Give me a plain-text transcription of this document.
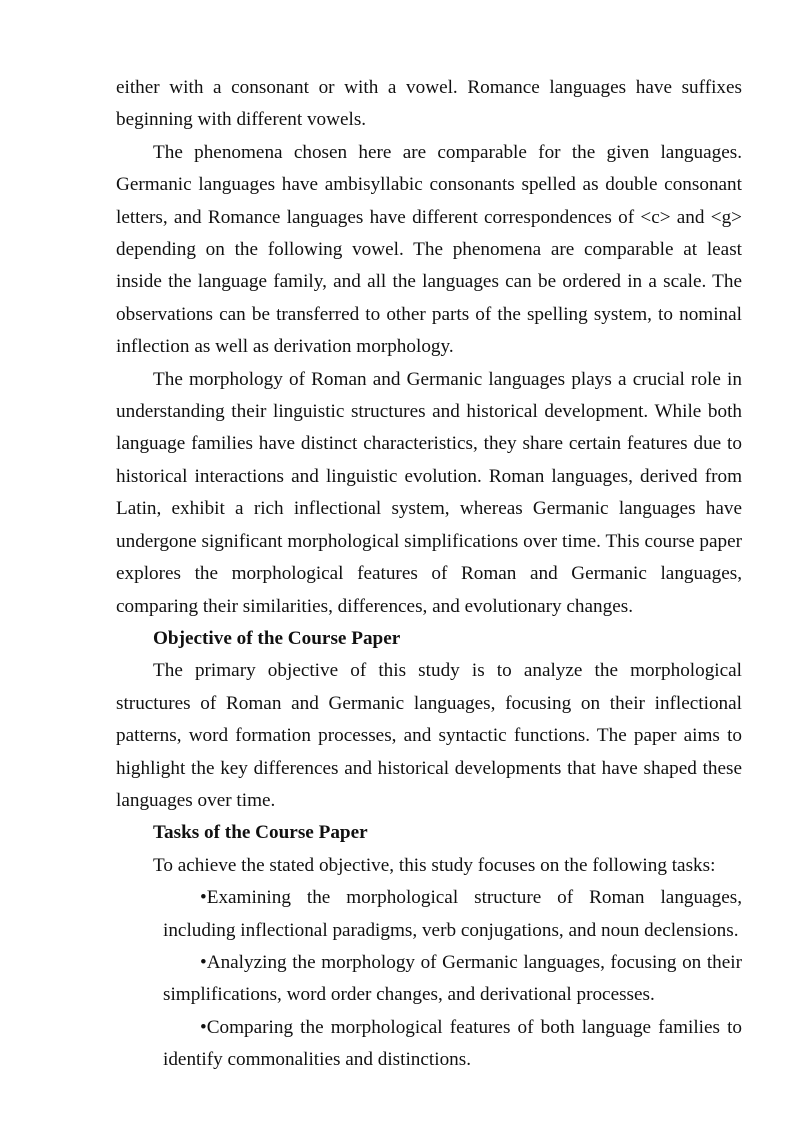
either with a consonant or with a vowel. Romance languages have suffixes beginning with different vowels.

The phenomena chosen here are comparable for the given languages. Germanic languages have ambisyllabic consonants spelled as double consonant letters, and Romance languages have different correspondences of <c> and <g> depending on the following vowel. The phenomena are comparable at least inside the language family, and all the languages can be ordered in a scale. The observations can be transferred to other parts of the spelling system, to nominal inflection as well as derivation morphology.

The morphology of Roman and Germanic languages plays a crucial role in understanding their linguistic structures and historical development. While both language families have distinct characteristics, they share certain features due to historical interactions and linguistic evolution. Roman languages, derived from Latin, exhibit a rich inflectional system, whereas Germanic languages have undergone significant morphological simplifications over time. This course paper explores the morphological features of Roman and Germanic languages, comparing their similarities, differences, and evolutionary changes.

Objective of the Course Paper

The primary objective of this study is to analyze the morphological structures of Roman and Germanic languages, focusing on their inflectional patterns, word formation processes, and syntactic functions. The paper aims to highlight the key differences and historical developments that have shaped these languages over time.

Tasks of the Course Paper

To achieve the stated objective, this study focuses on the following tasks:

•Examining the morphological structure of Roman languages, including inflectional paradigms, verb conjugations, and noun declensions.

•Analyzing the morphology of Germanic languages, focusing on their simplifications, word order changes, and derivational processes.

•Comparing the morphological features of both language families to identify commonalities and distinctions.
